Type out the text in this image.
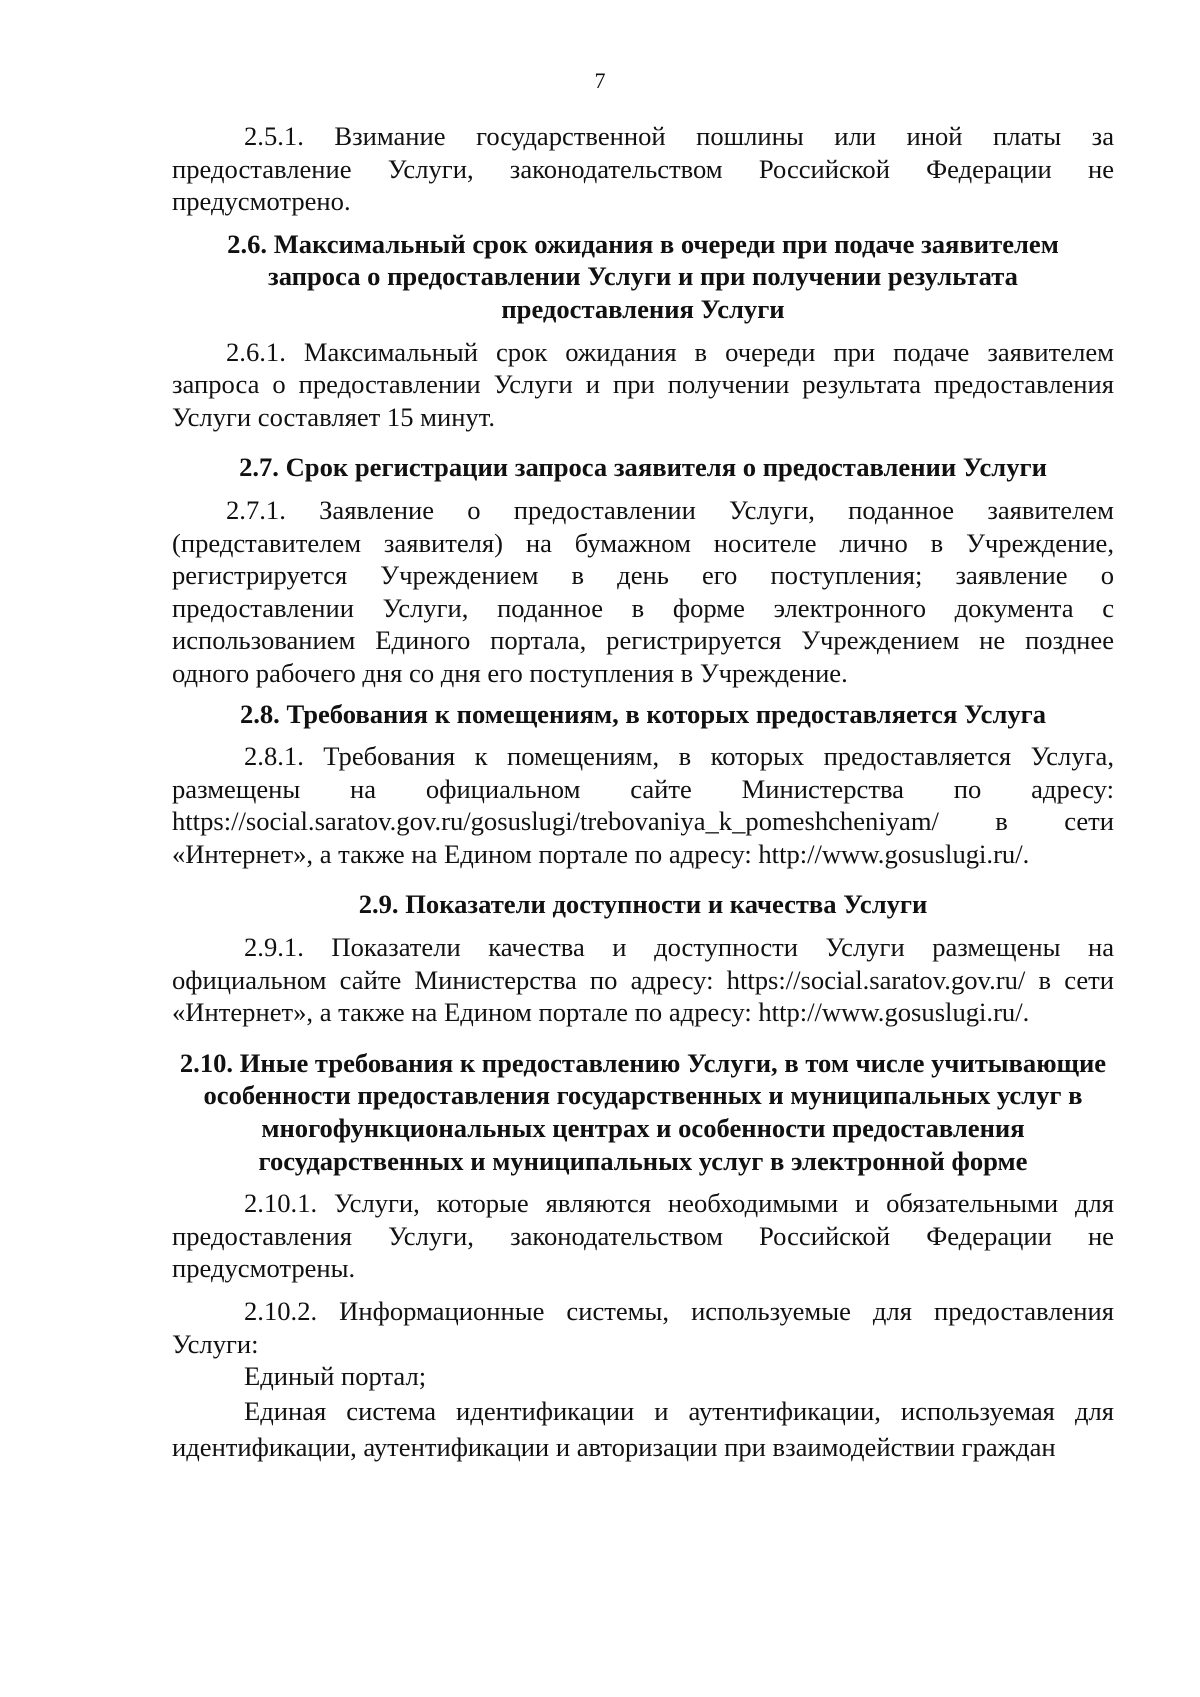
7

2.5.1. Взимание государственной пошлины или иной платы за предоставление Услуги, законодательством Российской Федерации не предусмотрено.

2.6. Максимальный срок ожидания в очереди при подаче заявителем запроса о предоставлении Услуги и при получении результата предоставления Услуги

2.6.1. Максимальный срок ожидания в очереди при подаче заявителем запроса о предоставлении Услуги и при получении результата предоставления Услуги составляет 15 минут.

2.7. Срок регистрации запроса заявителя о предоставлении Услуги

2.7.1. Заявление о предоставлении Услуги, поданное заявителем (представителем заявителя) на бумажном носителе лично в Учреждение, регистрируется Учреждением в день его поступления; заявление о предоставлении Услуги, поданное в форме электронного документа с использованием Единого портала, регистрируется Учреждением не позднее одного рабочего дня со дня его поступления в Учреждение.

2.8. Требования к помещениям, в которых предоставляется Услуга

2.8.1. Требования к помещениям, в которых предоставляется Услуга,

размещены на официальном сайте Министерства по адресу:

https://social.saratov.gov.ru/gosuslugi/trebovaniya_k_pomeshcheniyam/ в сети

«Интернет», а также на Едином портале по адресу: http://www.gosuslugi.ru/.

2.9. Показатели доступности и качества Услуги

2.9.1. Показатели качества и доступности Услуги размещены на официальном сайте Министерства по адресу: https://social.saratov.gov.ru/ в сети «Интернет», а также на Едином портале по адресу: http://www.gosuslugi.ru/.

2.10. Иные требования к предоставлению Услуги, в том числе учитывающие особенности предоставления государственных и муниципальных услуг в многофункциональных центрах и особенности предоставления государственных и муниципальных услуг в электронной форме

2.10.1. Услуги, которые являются необходимыми и обязательными для предоставления Услуги, законодательством Российской Федерации не предусмотрены.

2.10.2. Информационные системы, используемые для предоставления Услуги:

Единый портал;

Единая система идентификации и аутентификации, используемая для идентификации, аутентификации и авторизации при взаимодействии граждан
